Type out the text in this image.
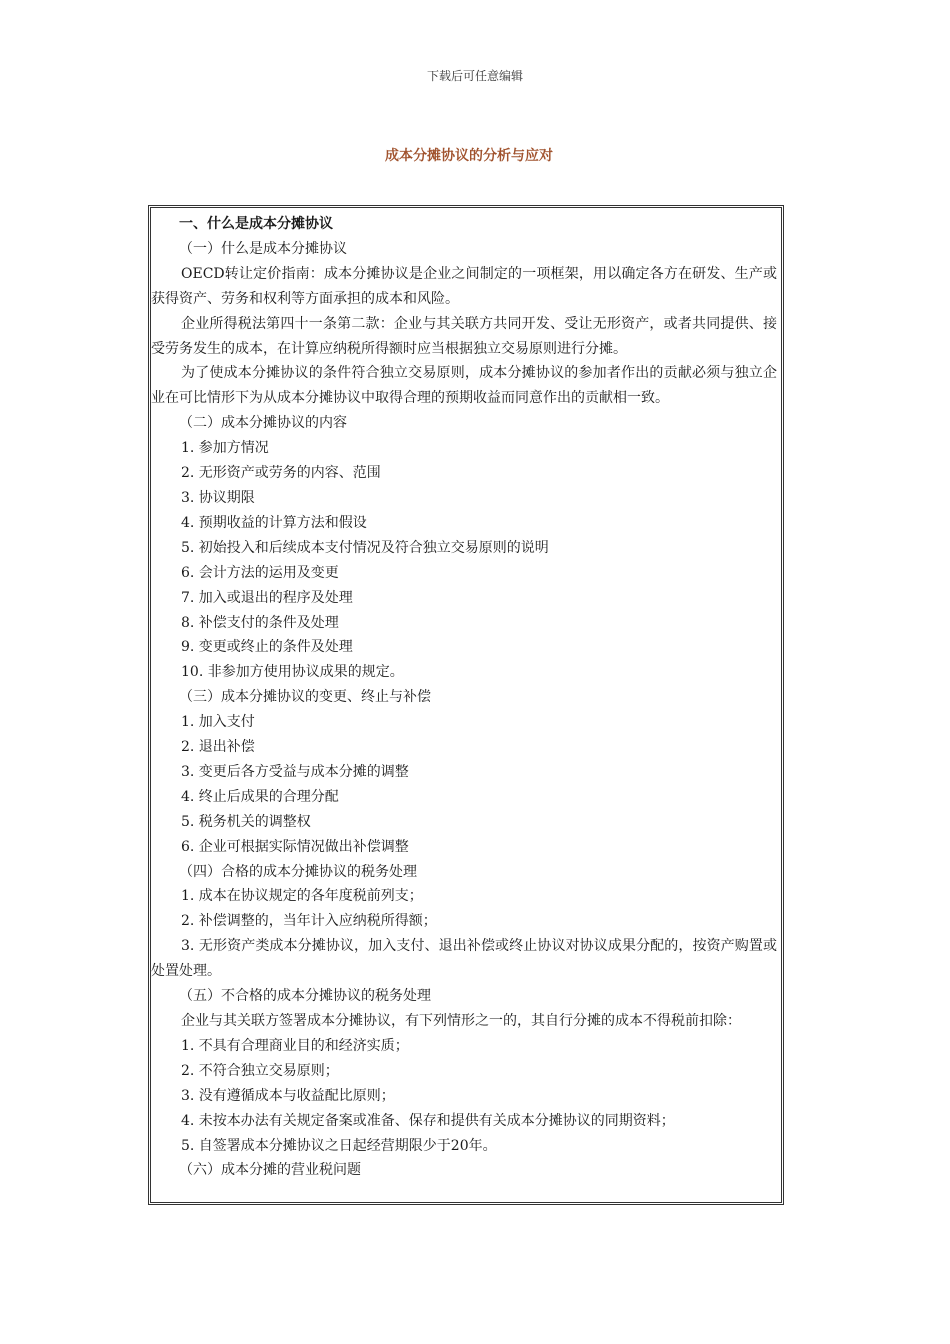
下载后可任意编辑
成本分摊协议的分析与应对
一、什么是成本分摊协议
（一）什么是成本分摊协议
OECD转让定价指南：成本分摊协议是企业之间制定的一项框架，用以确定各方在研发、生产或获得资产、劳务和权利等方面承担的成本和风险。
企业所得税法第四十一条第二款：企业与其关联方共同开发、受让无形资产，或者共同提供、接受劳务发生的成本，在计算应纳税所得额时应当根据独立交易原则进行分摊。
为了使成本分摊协议的条件符合独立交易原则，成本分摊协议的参加者作出的贡献必须与独立企业在可比情形下为从成本分摊协议中取得合理的预期收益而同意作出的贡献相一致。
（二）成本分摊协议的内容
1. 参加方情况
2. 无形资产或劳务的内容、范围
3. 协议期限
4. 预期收益的计算方法和假设
5. 初始投入和后续成本支付情况及符合独立交易原则的说明
6. 会计方法的运用及变更
7. 加入或退出的程序及处理
8. 补偿支付的条件及处理
9. 变更或终止的条件及处理
10. 非参加方使用协议成果的规定。
（三）成本分摊协议的变更、终止与补偿
1. 加入支付
2. 退出补偿
3. 变更后各方受益与成本分摊的调整
4. 终止后成果的合理分配
5. 税务机关的调整权
6. 企业可根据实际情况做出补偿调整
（四）合格的成本分摊协议的税务处理
1. 成本在协议规定的各年度税前列支；
2. 补偿调整的，当年计入应纳税所得额；
3. 无形资产类成本分摊协议，加入支付、退出补偿或终止协议对协议成果分配的，按资产购置或处置处理。
（五）不合格的成本分摊协议的税务处理
企业与其关联方签署成本分摊协议，有下列情形之一的，其自行分摊的成本不得税前扣除：
1. 不具有合理商业目的和经济实质；
2. 不符合独立交易原则；
3. 没有遵循成本与收益配比原则；
4. 未按本办法有关规定备案或准备、保存和提供有关成本分摊协议的同期资料；
5. 自签署成本分摊协议之日起经营期限少于20年。
（六）成本分摊的营业税问题
